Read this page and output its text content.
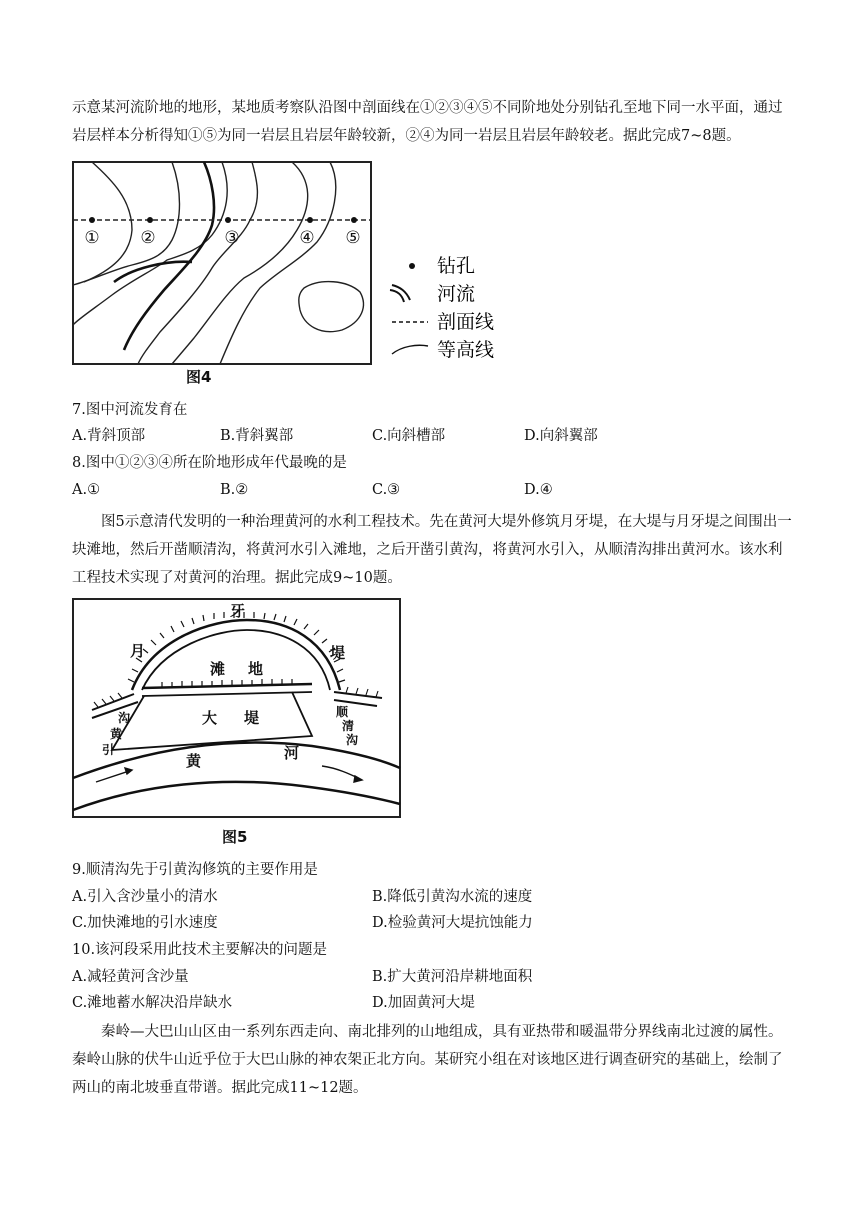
示意某河流阶地的地形，某地质考察队沿图中剖面线在①②③④⑤不同阶地处分别钻孔至地下同一水平面，通过岩层样本分析得知①⑤为同一岩层且岩层年龄较新，②④为同一岩层且岩层年龄较老。据此完成7~8题。

① ②	③	④ ⑤
钻孔
河流
剖面线
等高线
图4
7.图中河流发育在
A.背斜顶部	B.背斜翼部	C.向斜槽部	D.向斜翼部
8.图中①②③④所在阶地形成年代最晚的是
A.①	B.②	C.③	D.④

图5示意清代发明的一种治理黄河的水利工程技术。先在黄河大堤外修筑月牙堤，在大堤与月牙堤之间围出一块滩地，然后开凿顺清沟，将黄河水引入滩地，之后开凿引黄沟，将黄河水引入，从顺清沟排出黄河水。该水利工程技术实现了对黄河的治理。据此完成9~10题。

牙
月	堤
滩 地
大 堤
沟
黄
引
顺
清
沟
黄	河
图5
9.顺清沟先于引黄沟修筑的主要作用是
A.引入含沙量小的清水	B.降低引黄沟水流的速度
C.加快滩地的引水速度	D.检验黄河大堤抗蚀能力
10.该河段采用此技术主要解决的问题是
A.减轻黄河含沙量	B.扩大黄河沿岸耕地面积
C.滩地蓄水解决沿岸缺水	D.加固黄河大堤

秦岭—大巴山山区由一系列东西走向、南北排列的山地组成，具有亚热带和暖温带分界线南北过渡的属性。秦岭山脉的伏牛山近乎位于大巴山脉的神农架正北方向。某研究小组在对该地区进行调查研究的基础上，绘制了两山的南北坡垂直带谱。据此完成11~12题。
